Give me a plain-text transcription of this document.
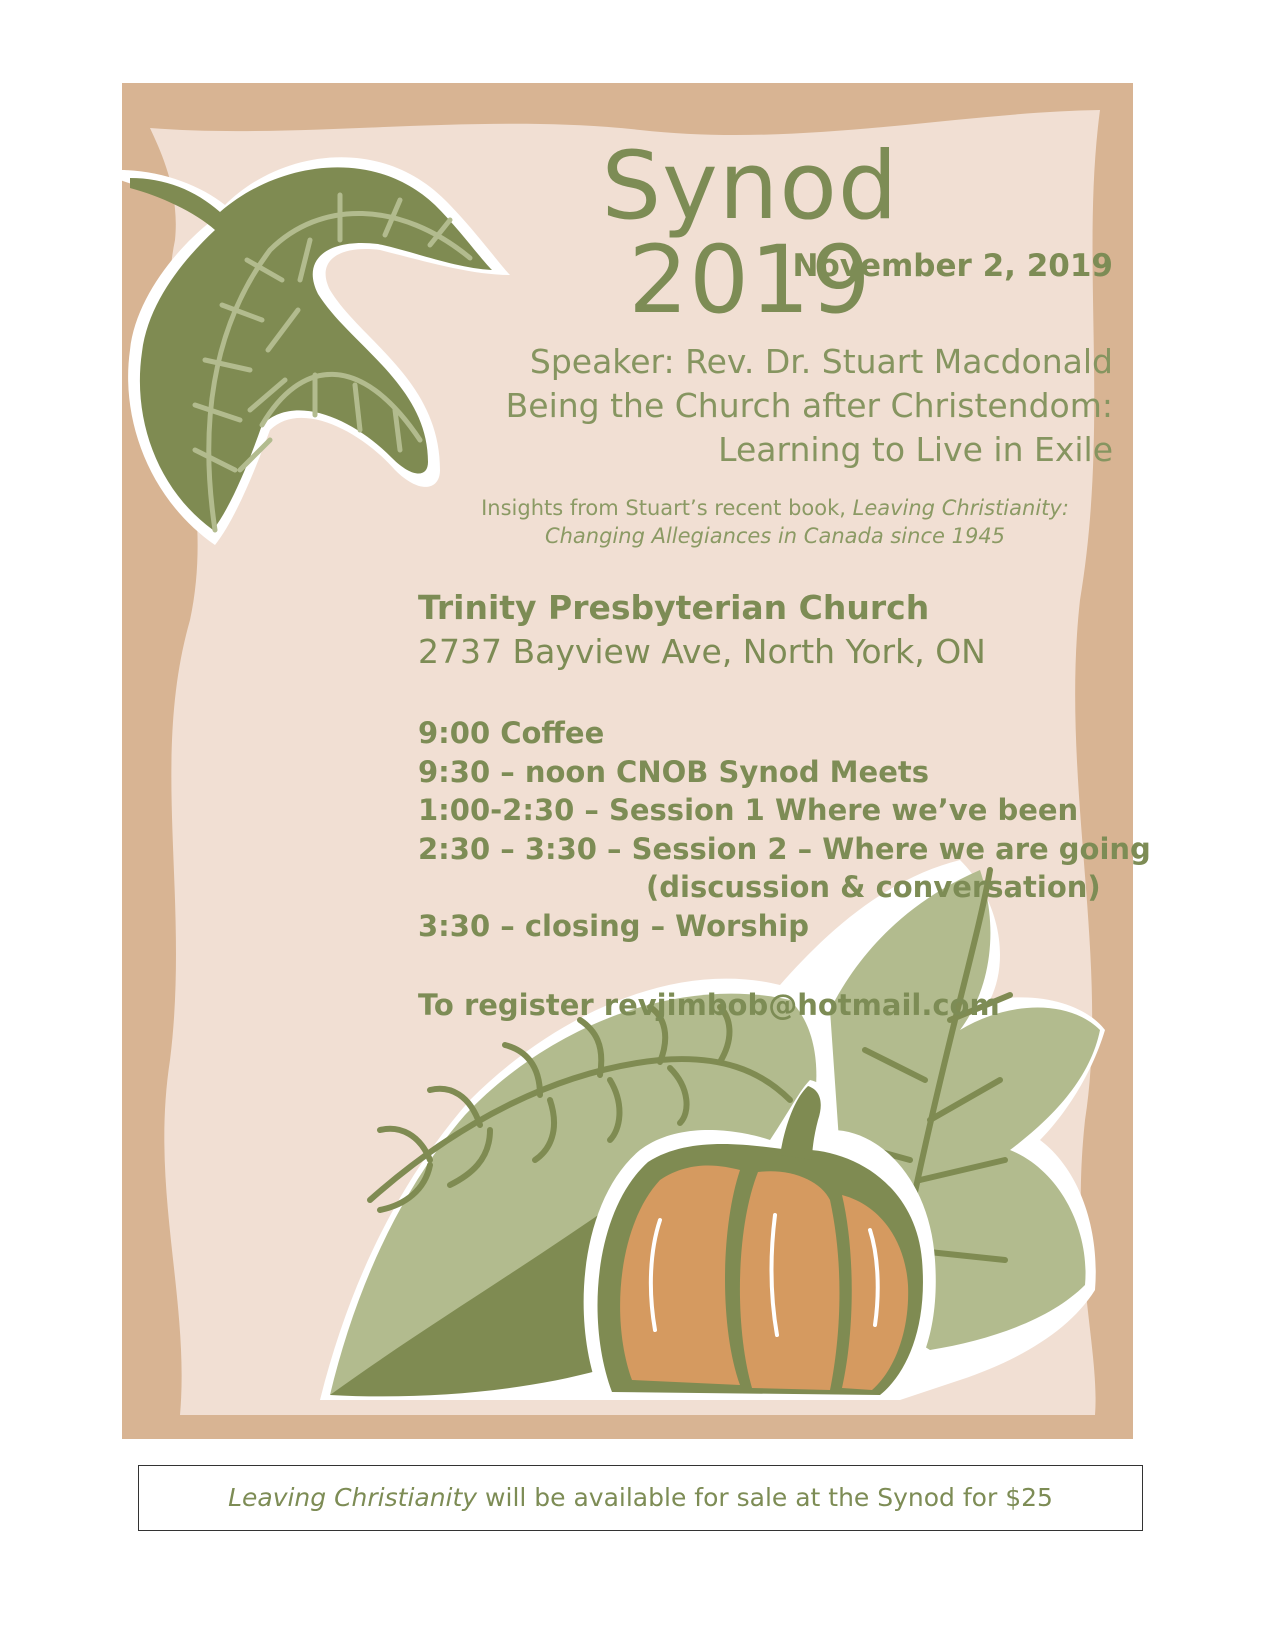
Synod 2019
November 2, 2019
Speaker: Rev. Dr. Stuart Macdonald
Being the Church after Christendom:
Learning to Live in Exile
Insights from Stuart’s recent book, Leaving Christianity:
Changing Allegiances in Canada since 1945
Trinity Presbyterian Church
2737 Bayview Ave, North York, ON
9:00 Coffee
9:30 – noon CNOB Synod Meets
1:00-2:30 – Session 1 Where we’ve been
2:30 – 3:30 – Session 2 – Where we are going
(discussion & conversation)
3:30 – closing – Worship
To register revjimbob@hotmail.com
Leaving Christianity will be available for sale at the Synod for $25
